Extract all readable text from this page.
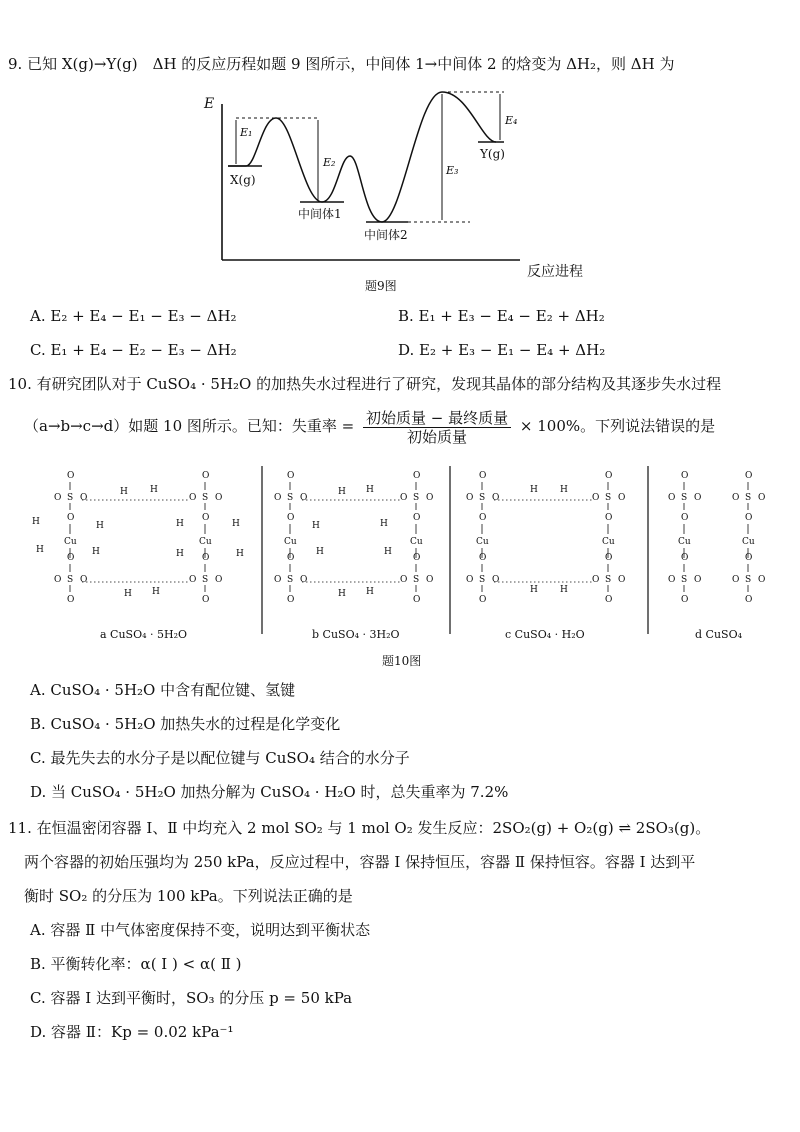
9. 已知 X(g)→Y(g)　ΔH 的反应历程如题 9 图所示，中间体 1→中间体 2 的焓变为 ΔH₂，则 ΔH 为
E
反应进程
E₁
E₂
E₃
E₄
X(g)
中间体1
中间体2
Y(g)
题9图
A. E₂ + E₄ − E₁ − E₃ − ΔH₂	B. E₁ + E₃ − E₄ − E₂ + ΔH₂
C. E₁ + E₄ − E₂ − E₃ − ΔH₂	D. E₂ + E₃ − E₁ − E₄ + ΔH₂
10. 有研究团队对于 CuSO₄ · 5H₂O 的加热失水过程进行了研究，发现其晶体的部分结构及其逐步失水过程
（a→b→c→d）如题 10 图所示。已知：失重率 = $\frac{\text{初始质量 − 最终质量}}{\text{初始质量}} \times 100\%$。下列说法错误的是
O
S
O O
O
Cu
O
S
O O
O
O
S
O O
O
Cu
O
S
O O
O
H
H
H
H
H	H
H	H
H H
H H
O
S
O O
O
Cu
O
S
O O
O
O
S
O O
O
Cu
O
S
O O
O
H
H
H
H
H H
H H
O
S
O O
O
Cu
O
S
O O
O
O
S
O O
O
Cu
O
S
O O
O
H H
H H
O
S
O O
O
Cu
O
S
O O
O
O
S
O O
O
Cu
O
S
O O
O
a CuSO₄ · 5H₂O	b CuSO₄ · 3H₂O	c CuSO₄ · H₂O	d CuSO₄
题10图
A. CuSO₄ · 5H₂O 中含有配位键、氢键
B. CuSO₄ · 5H₂O 加热失水的过程是化学变化
C. 最先失去的水分子是以配位键与 CuSO₄ 结合的水分子
D. 当 CuSO₄ · 5H₂O 加热分解为 CuSO₄ · H₂O 时，总失重率为 7.2%
11. 在恒温密闭容器 Ⅰ、Ⅱ 中均充入 2 mol SO₂ 与 1 mol O₂ 发生反应：2SO₂(g) + O₂(g) ⇌ 2SO₃(g)。
两个容器的初始压强均为 250 kPa，反应过程中，容器 Ⅰ 保持恒压，容器 Ⅱ 保持恒容。容器 Ⅰ 达到平
衡时 SO₂ 的分压为 100 kPa。下列说法正确的是
A. 容器 Ⅱ 中气体密度保持不变，说明达到平衡状态
B. 平衡转化率：α( Ⅰ ) < α( Ⅱ )
C. 容器 Ⅰ 达到平衡时，SO₃ 的分压 p = 50 kPa
D. 容器 Ⅱ：Kp = 0.02 kPa⁻¹
